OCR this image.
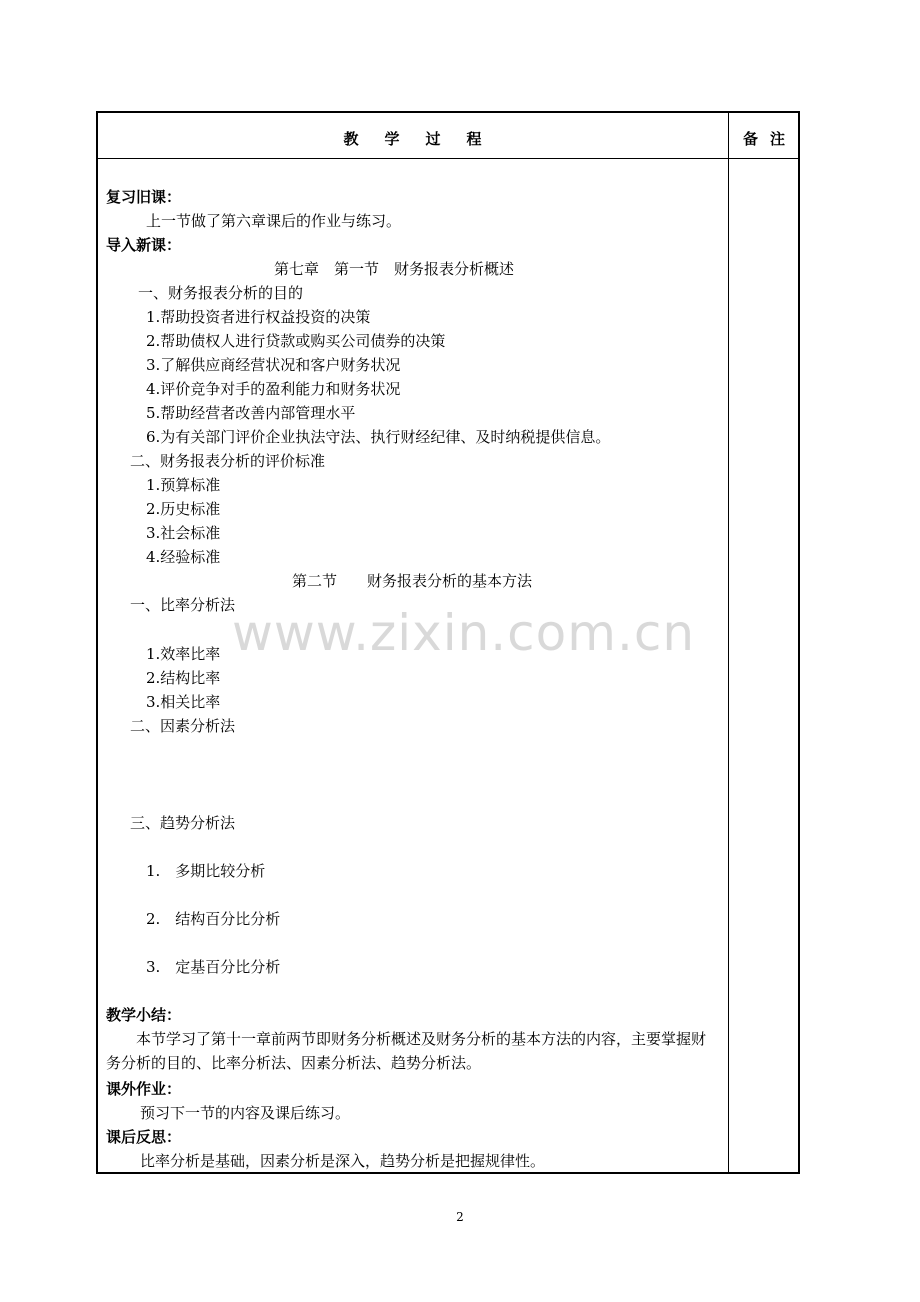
教 学 过 程	备 注
复习旧课：
上一节做了第六章课后的作业与练习。
导入新课：
第七章　第一节　财务报表分析概述
一、财务报表分析的目的
1.帮助投资者进行权益投资的决策
2.帮助债权人进行贷款或购买公司债券的决策
3.了解供应商经营状况和客户财务状况
4.评价竞争对手的盈利能力和财务状况
5.帮助经营者改善内部管理水平
6.为有关部门评价企业执法守法、执行财经纪律、及时纳税提供信息。
二、财务报表分析的评价标准
1.预算标准
2.历史标准
3.社会标准
4.经验标准
第二节　　财务报表分析的基本方法
一、比率分析法
www.zixin.com.cn
1.效率比率
2.结构比率
3.相关比率
二、因素分析法
三、趋势分析法
1.　多期比较分析
2.　结构百分比分析
3.　定基百分比分析
教学小结：
本节学习了第十一章前两节即财务分析概述及财务分析的基本方法的内容，主要掌握财务分析的目的、比率分析法、因素分析法、趋势分析法。
课外作业：
预习下一节的内容及课后练习。
课后反思：
比率分析是基础，因素分析是深入，趋势分析是把握规律性。
2
